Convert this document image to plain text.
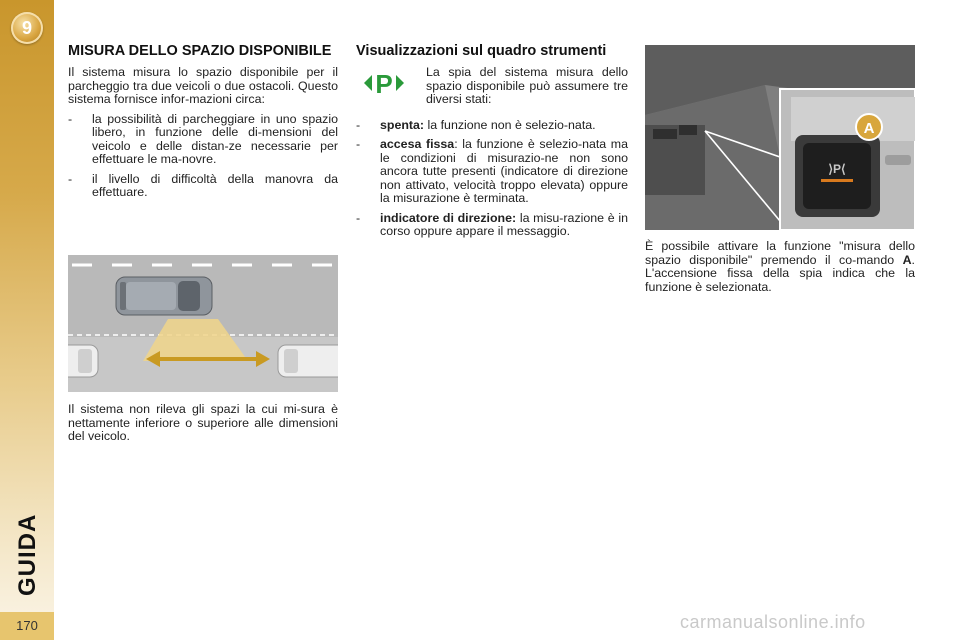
9
GUIDA
170
MISURA DELLO SPAZIO DISPONIBILE

Il sistema misura lo spazio disponibile per il parcheggio tra due veicoli o due ostacoli. Questo sistema fornisce infor-mazioni circa:

- la possibilità di parcheggiare in uno spazio libero, in funzione delle di-mensioni del veicolo e delle distan-ze necessarie per effettuare le ma-novre.
- il livello di difficoltà della manovra da effettuare.

Il sistema non rileva gli spazi la cui mi-sura è nettamente inferiore o superiore alle dimensioni del veicolo.

Visualizzazioni sul quadro strumenti
P	La spia del sistema misura dello spazio disponibile può assumere tre diversi stati:

- spenta: la funzione non è selezio-nata.
- accesa fissa: la funzione è selezio-nata ma le condizioni di misurazio-ne non sono ancora tutte presenti (indicatore di direzione non attivato, velocità troppo elevata) oppure la misurazione è terminata.
- indicatore di direzione: la misu-razione è in corso oppure appare il messaggio.
⟩P⟨
A

È possibile attivare la funzione "misura dello spazio disponibile" premendo il co-mando A. L'accensione fissa della spia indica che la funzione è selezionata.

carmanualsonline.info
